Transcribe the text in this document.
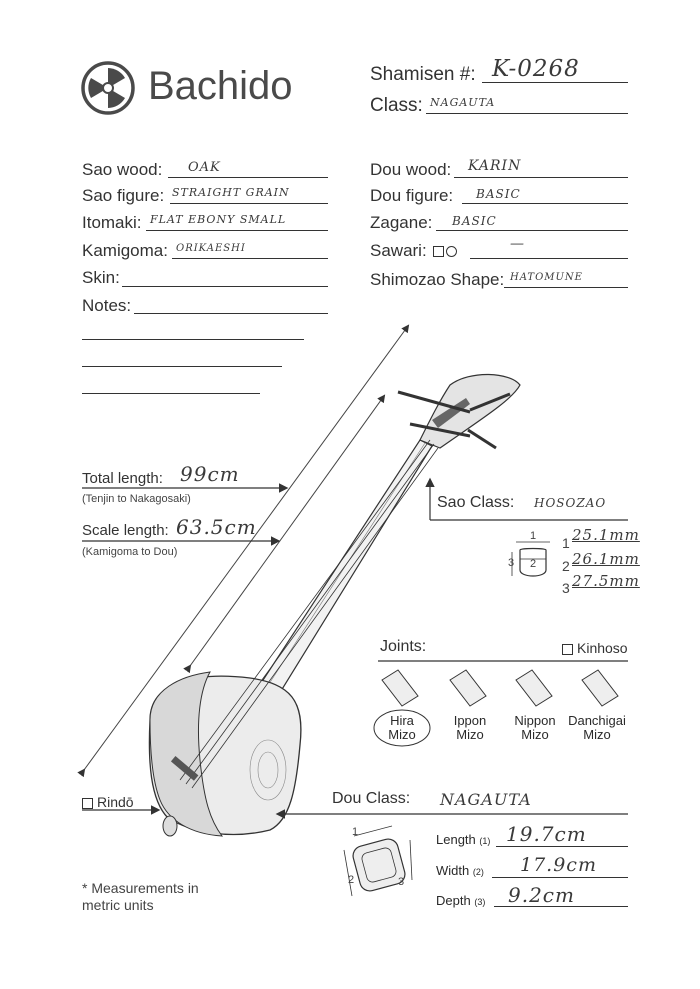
Bachido	Shamisen #: K-0268
Class: NAGAUTA
Sao wood: OAK
Sao figure: STRAIGHT GRAIN
Itomaki: FLAT EBONY SMALL
Kamigoma: ORIKAESHI
Skin:
Notes:
Dou wood: KARIN
Dou figure: BASIC
Zagane: BASIC
Sawari:	—
Shimozao Shape: HATOMUNE
Total length: 99cm
(Tenjin to Nakagosaki)
Scale length: 63.5cm
(Kamigoma to Dou)
Sao Class: HOSOZAO
1
3 2
1 25.1mm
2 26.1mm
3 27.5mm
Joints:	Kinhoso
Hira
Mizo
Ippon
Mizo
Nippon
Mizo
Danchigai
Mizo
Rindō	Dou Class: NAGAUTA
1
2	3
Length (1) 19.7cm
Width (2) 17.9cm
Depth (3) 9.2cm
* Measurements in
metric units
